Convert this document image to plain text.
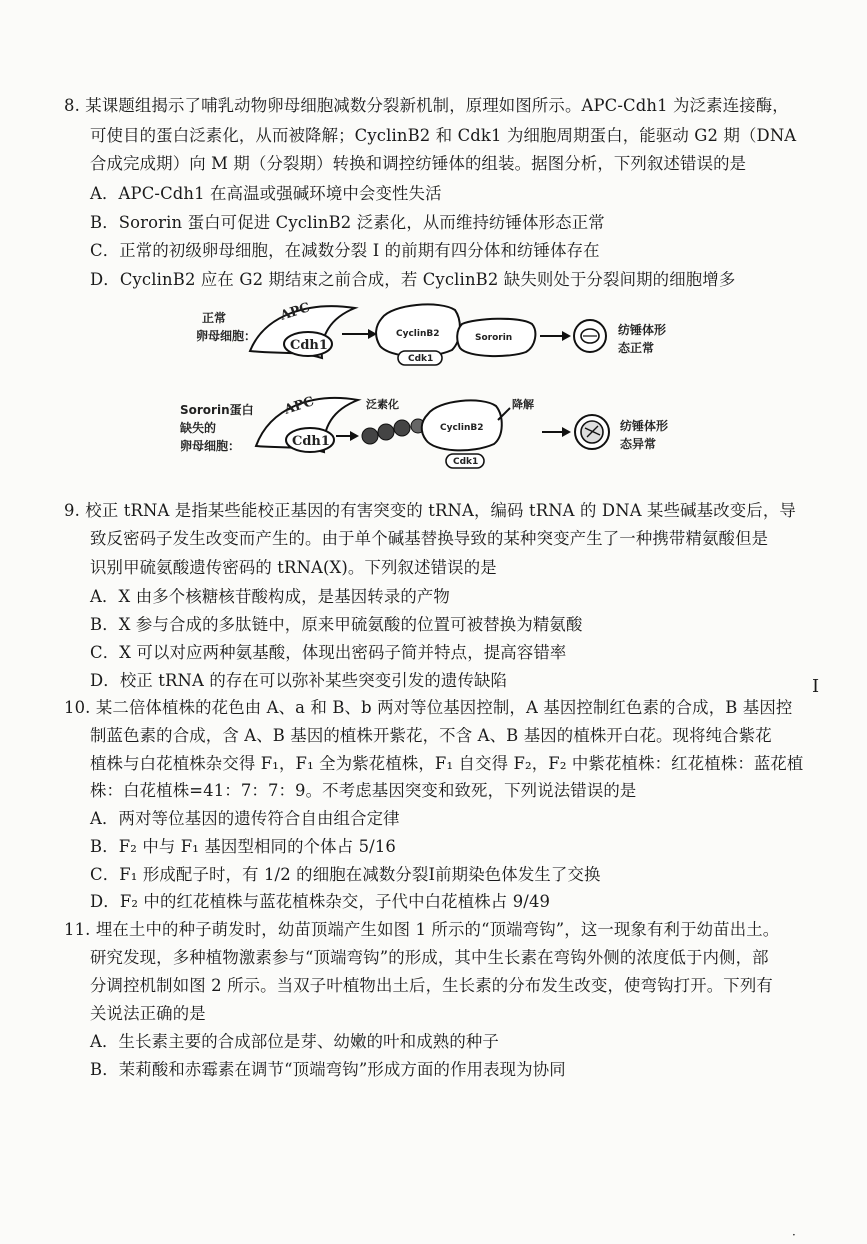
8. 某课题组揭示了哺乳动物卵母细胞减数分裂新机制，原理如图所示。APC-Cdh1 为泛素连接酶，
可使目的蛋白泛素化，从而被降解；CyclinB2 和 Cdk1 为细胞周期蛋白，能驱动 G2 期（DNA
合成完成期）向 M 期（分裂期）转换和调控纺锤体的组装。据图分析，下列叙述错误的是
A．APC-Cdh1 在高温或强碱环境中会变性失活
B．Sororin 蛋白可促进 CyclinB2 泛素化，从而维持纺锤体形态正常
C．正常的初级卵母细胞，在减数分裂 I 的前期有四分体和纺锤体存在
D．CyclinB2 应在 G2 期结束之前合成，若 CyclinB2 缺失则处于分裂间期的细胞增多
正常
卵母细胞：
APC
Cdh1
CyclinB2
Cdk1
Sororin
纺锤体形
态正常
Sororin蛋白
缺失的
卵母细胞：
APC
Cdh1
泛素化
CyclinB2
Cdk1
降解
纺锤体形
态异常
9. 校正 tRNA 是指某些能校正基因的有害突变的 tRNA，编码 tRNA 的 DNA 某些碱基改变后，导
致反密码子发生改变而产生的。由于单个碱基替换导致的某种突变产生了一种携带精氨酸但是
识别甲硫氨酸遗传密码的 tRNA(X)。下列叙述错误的是
A．X 由多个核糖核苷酸构成，是基因转录的产物
B．X 参与合成的多肽链中，原来甲硫氨酸的位置可被替换为精氨酸
C．X 可以对应两种氨基酸，体现出密码子简并特点，提高容错率
D．校正 tRNA 的存在可以弥补某些突变引发的遗传缺陷	I
10. 某二倍体植株的花色由 A、a 和 B、b 两对等位基因控制，A 基因控制红色素的合成，B 基因控
制蓝色素的合成，含 A、B 基因的植株开紫花，不含 A、B 基因的植株开白花。现将纯合紫花
植株与白花植株杂交得 F₁，F₁ 全为紫花植株，F₁ 自交得 F₂，F₂ 中紫花植株：红花植株：蓝花植
株：白花植株=41：7：7：9。不考虑基因突变和致死，下列说法错误的是
A．两对等位基因的遗传符合自由组合定律
B．F₂ 中与 F₁ 基因型相同的个体占 5/16
C．F₁ 形成配子时，有 1/2 的细胞在减数分裂Ⅰ前期染色体发生了交换
D．F₂ 中的红花植株与蓝花植株杂交，子代中白花植株占 9/49
11. 埋在土中的种子萌发时，幼苗顶端产生如图 1 所示的“顶端弯钩”，这一现象有利于幼苗出土。
研究发现，多种植物激素参与“顶端弯钩”的形成，其中生长素在弯钩外侧的浓度低于内侧，部
分调控机制如图 2 所示。当双子叶植物出土后，生长素的分布发生改变，使弯钩打开。下列有
关说法正确的是
A．生长素主要的合成部位是芽、幼嫩的叶和成熟的种子
B．茉莉酸和赤霉素在调节“顶端弯钩”形成方面的作用表现为协同
·
